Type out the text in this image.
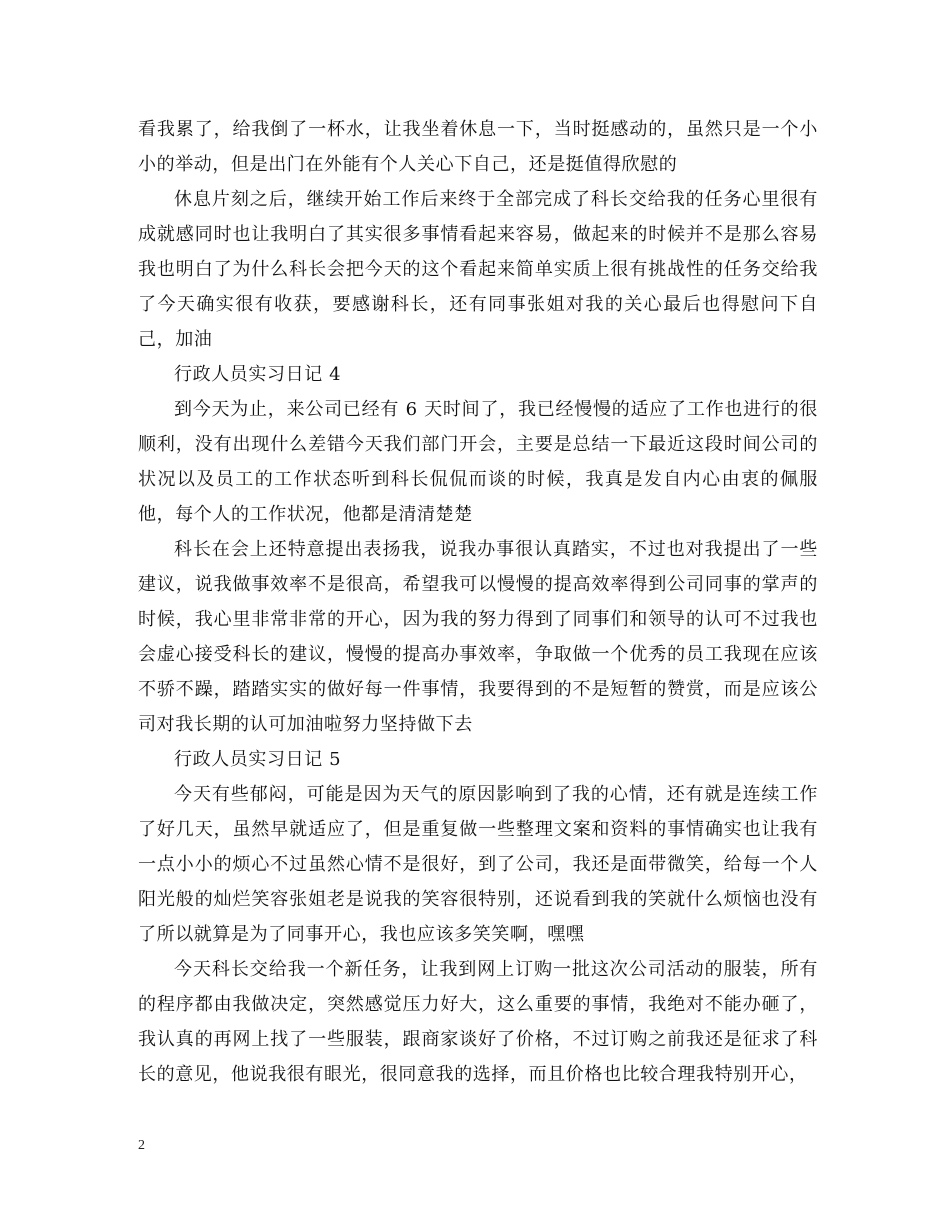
看我累了，给我倒了一杯水，让我坐着休息一下，当时挺感动的，虽然只是一个小小的举动，但是出门在外能有个人关心下自己，还是挺值得欣慰的

休息片刻之后，继续开始工作后来终于全部完成了科长交给我的任务心里很有成就感同时也让我明白了其实很多事情看起来容易，做起来的时候并不是那么容易我也明白了为什么科长会把今天的这个看起来简单实质上很有挑战性的任务交给我了今天确实很有收获，要感谢科长，还有同事张姐对我的关心最后也得慰问下自己，加油

行政人员实习日记 4

到今天为止，来公司已经有 6 天时间了，我已经慢慢的适应了工作也进行的很顺利，没有出现什么差错今天我们部门开会，主要是总结一下最近这段时间公司的状况以及员工的工作状态听到科长侃侃而谈的时候，我真是发自内心由衷的佩服他，每个人的工作状况，他都是清清楚楚

科长在会上还特意提出表扬我，说我办事很认真踏实，不过也对我提出了一些建议，说我做事效率不是很高，希望我可以慢慢的提高效率得到公司同事的掌声的时候，我心里非常非常的开心，因为我的努力得到了同事们和领导的认可不过我也会虚心接受科长的建议，慢慢的提高办事效率，争取做一个优秀的员工我现在应该不骄不躁，踏踏实实的做好每一件事情，我要得到的不是短暂的赞赏，而是应该公司对我长期的认可加油啦努力坚持做下去

行政人员实习日记 5

今天有些郁闷，可能是因为天气的原因影响到了我的心情，还有就是连续工作了好几天，虽然早就适应了，但是重复做一些整理文案和资料的事情确实也让我有一点小小的烦心不过虽然心情不是很好，到了公司，我还是面带微笑，给每一个人阳光般的灿烂笑容张姐老是说我的笑容很特别，还说看到我的笑就什么烦恼也没有了所以就算是为了同事开心，我也应该多笑笑啊，嘿嘿

今天科长交给我一个新任务，让我到网上订购一批这次公司活动的服装，所有的程序都由我做决定，突然感觉压力好大，这么重要的事情，我绝对不能办砸了，我认真的再网上找了一些服装，跟商家谈好了价格，不过订购之前我还是征求了科长的意见，他说我很有眼光，很同意我的选择，而且价格也比较合理我特别开心，

2
